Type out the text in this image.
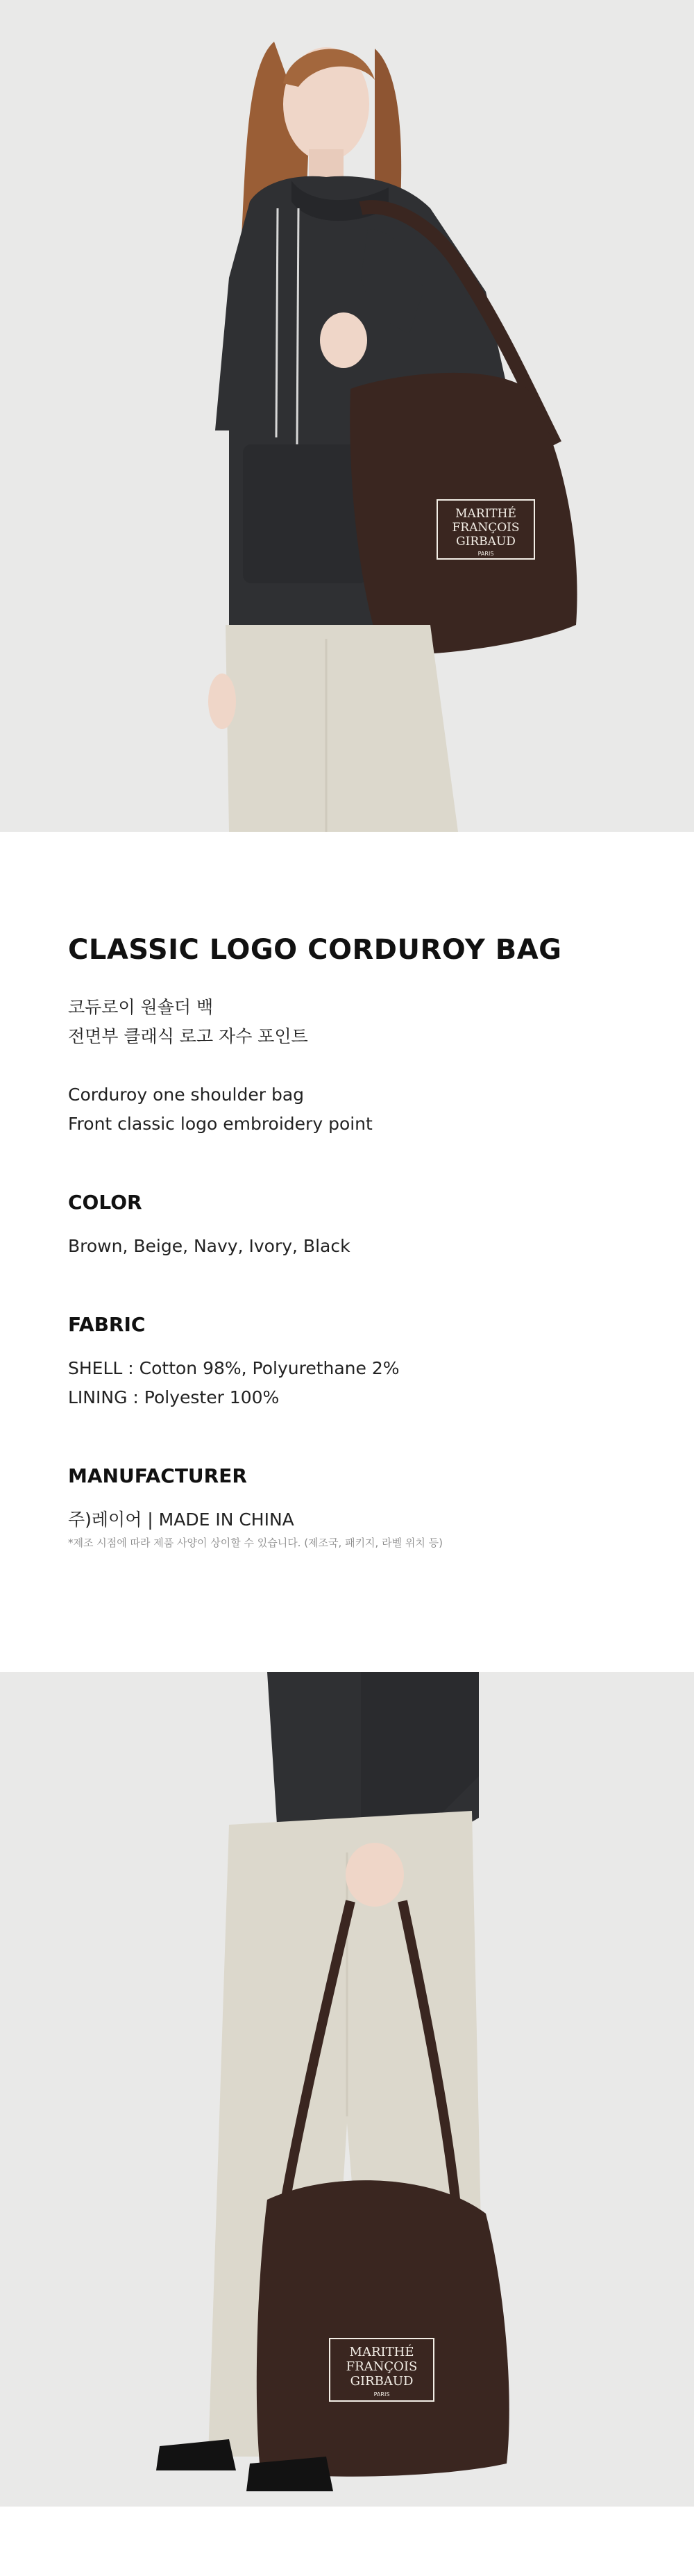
MARITHÉ
FRANÇOIS
GIRBAUD
PARIS
CLASSIC LOGO CORDUROY BAG

코듀로이 원숄더 백

전면부 클래식 로고 자수 포인트

Corduroy one shoulder bag

Front classic logo embroidery point

COLOR

Brown, Beige, Navy, Ivory, Black

FABRIC

SHELL : Cotton 98%, Polyurethane 2%

LINING : Polyester 100%

MANUFACTURER

주)레이어 | MADE IN CHINA

*제조 시점에 따라 제품 사양이 상이할 수 있습니다. (제조국, 패키지, 라벨 위치 등)

MARITHÉ
FRANÇOIS
GIRBAUD
PARIS
